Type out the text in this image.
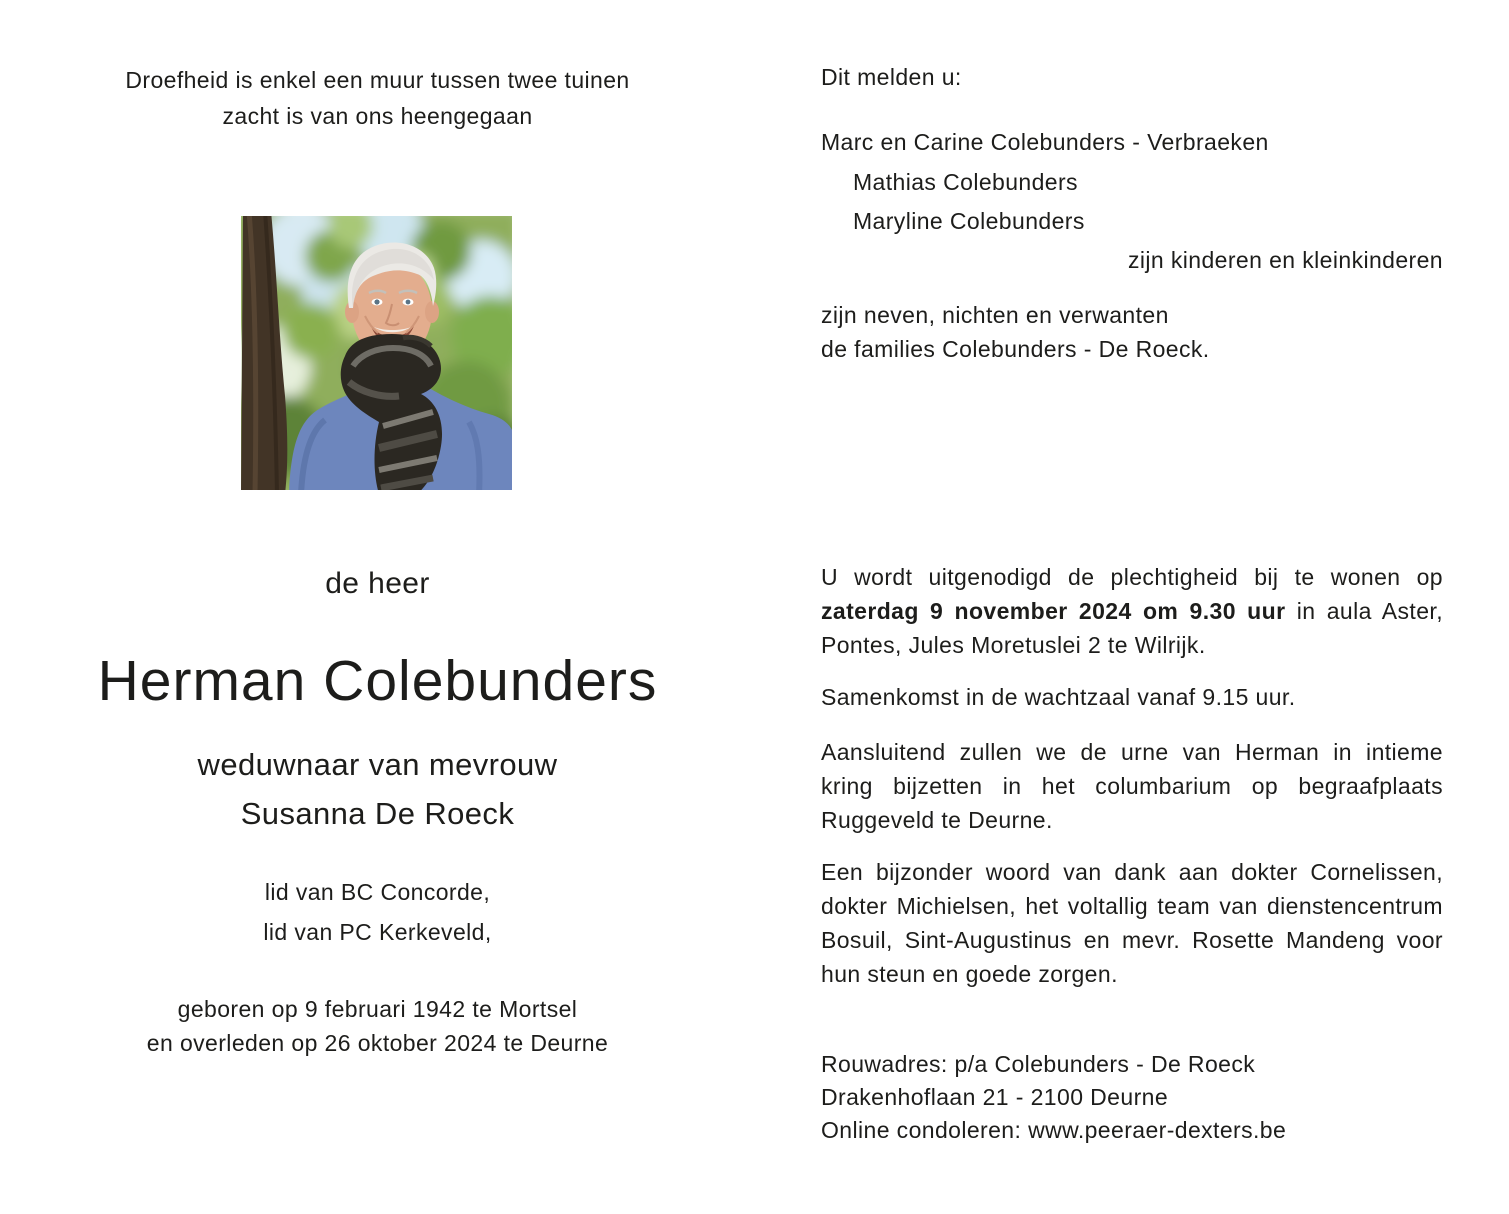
Droefheid is enkel een muur tussen twee tuinen
zacht is van ons heengegaan
de heer
Herman Colebunders
weduwnaar van mevrouw
Susanna De Roeck
lid van BC Concorde,
lid van PC Kerkeveld,
geboren op 9 februari 1942 te Mortsel
en overleden op 26 oktober 2024 te Deurne
Dit melden u:
Marc en Carine Colebunders - Verbraeken
Mathias Colebunders
Maryline Colebunders
zijn kinderen en kleinkinderen
zijn neven, nichten en verwanten
de families Colebunders - De Roeck.
U wordt uitgenodigd de plechtigheid bij te wonen op zaterdag 9 november 2024 om 9.30 uur in aula Aster, Pontes, Jules Moretuslei 2 te Wilrijk.
Samenkomst in de wachtzaal vanaf 9.15 uur.
Aansluitend zullen we de urne van Herman in intieme kring bijzetten in het columbarium op begraafplaats Ruggeveld te Deurne.
Een bijzonder woord van dank aan dokter Cornelissen, dokter Michielsen, het voltallig team van dienstencentrum Bosuil, Sint-Augustinus en mevr. Rosette Mandeng voor hun steun en goede zorgen.
Rouwadres: p/a Colebunders - De Roeck
Drakenhoflaan 21 - 2100 Deurne
Online condoleren: www.peeraer-dexters.be
